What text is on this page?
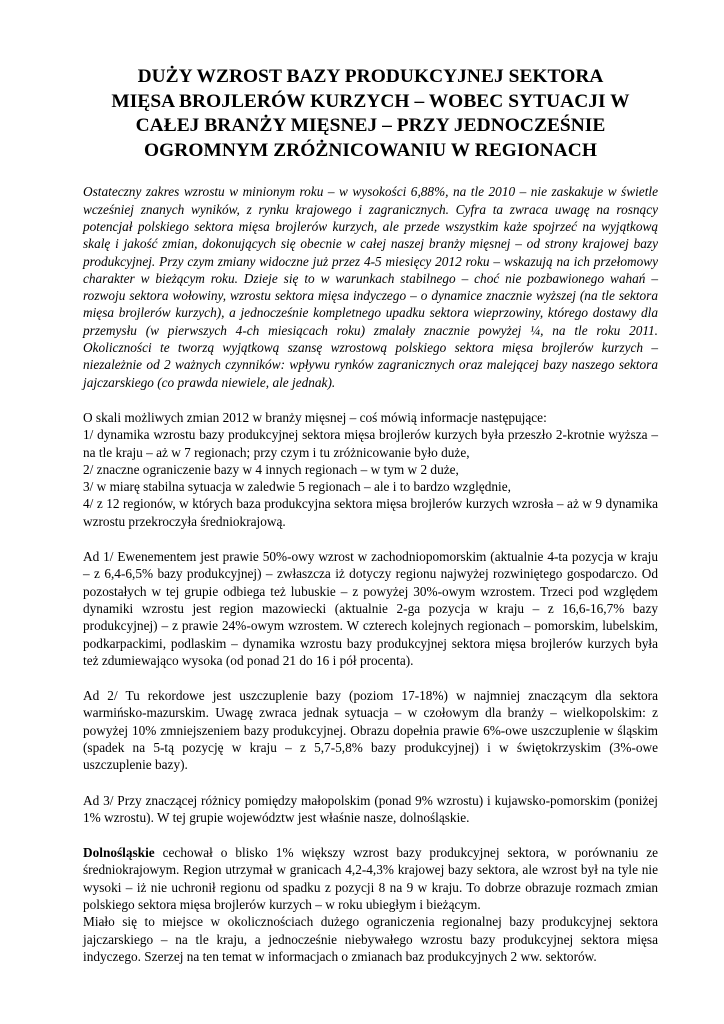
DUŻY WZROST BAZY PRODUKCYJNEJ SEKTORA
MIĘSA BROJLERÓW KURZYCH – WOBEC SYTUACJI W
CAŁEJ BRANŻY MIĘSNEJ – PRZY JEDNOCZEŚNIE
OGROMNYM ZRÓŻNICOWANIU W REGIONACH

Ostateczny zakres wzrostu w minionym roku – w wysokości 6,88%, na tle 2010 – nie zaskakuje w świetle wcześniej znanych wyników, z rynku krajowego i zagranicznych. Cyfra ta zwraca uwagę na rosnący potencjał polskiego sektora mięsa brojlerów kurzych, ale przede wszystkim każe spojrzeć na wyjątkową skalę i jakość zmian, dokonujących się obecnie w całej naszej branży mięsnej – od strony krajowej bazy produkcyjnej. Przy czym zmiany widoczne już przez 4-5 miesięcy 2012 roku – wskazują na ich przełomowy charakter w bieżącym roku. Dzieje się to w warunkach stabilnego – choć nie pozbawionego wahań – rozwoju sektora wołowiny, wzrostu sektora mięsa indyczego – o dynamice znacznie wyższej (na tle sektora mięsa brojlerów kurzych), a jednocześnie kompletnego upadku sektora wieprzowiny, którego dostawy dla przemysłu (w pierwszych 4-ch miesiącach roku) zmalały znacznie powyżej ¼, na tle roku 2011. Okoliczności te tworzą wyjątkową szansę wzrostową polskiego sektora mięsa brojlerów kurzych – niezależnie od 2 ważnych czynników: wpływu rynków zagranicznych oraz malejącej bazy naszego sektora jajczarskiego (co prawda niewiele, ale jednak).

O skali możliwych zmian 2012 w branży mięsnej – coś mówią informacje następujące:

1/ dynamika wzrostu bazy produkcyjnej sektora mięsa brojlerów kurzych była przeszło 2-krotnie wyższa – na tle kraju – aż w 7 regionach; przy czym i tu zróżnicowanie było duże,

2/ znaczne ograniczenie bazy w 4 innych regionach – w tym w 2 duże,

3/ w miarę stabilna sytuacja w zaledwie 5 regionach – ale i to bardzo względnie,

4/ z 12 regionów, w których baza produkcyjna sektora mięsa brojlerów kurzych wzrosła – aż w 9 dynamika wzrostu przekroczyła średniokrajową.

Ad 1/ Ewenementem jest prawie 50%-owy wzrost w zachodniopomorskim (aktualnie 4-ta pozycja w kraju – z 6,4-6,5% bazy produkcyjnej) – zwłaszcza iż dotyczy regionu najwyżej rozwiniętego gospodarczo. Od pozostałych w tej grupie odbiega też lubuskie – z powyżej 30%-owym wzrostem. Trzeci pod względem dynamiki wzrostu jest region mazowiecki (aktualnie 2-ga pozycja w kraju – z 16,6-16,7% bazy produkcyjnej) – z prawie 24%-owym wzrostem. W czterech kolejnych regionach – pomorskim, lubelskim, podkarpackimi, podlaskim – dynamika wzrostu bazy produkcyjnej sektora mięsa brojlerów kurzych była też zdumiewająco wysoka (od ponad 21 do 16 i pół procenta).

Ad 2/ Tu rekordowe jest uszczuplenie bazy (poziom 17-18%) w najmniej znaczącym dla sektora warmińsko-mazurskim. Uwagę zwraca jednak sytuacja – w czołowym dla branży – wielkopolskim: z powyżej 10% zmniejszeniem bazy produkcyjnej. Obrazu dopełnia prawie 6%-owe uszczuplenie w śląskim (spadek na 5-tą pozycję w kraju – z 5,7-5,8% bazy produkcyjnej) i w świętokrzyskim (3%-owe uszczuplenie bazy).

Ad 3/ Przy znaczącej różnicy pomiędzy małopolskim (ponad 9% wzrostu) i kujawsko-pomorskim (poniżej 1% wzrostu). W tej grupie województw jest właśnie nasze, dolnośląskie.

Dolnośląskie cechował o blisko 1% większy wzrost bazy produkcyjnej sektora, w porównaniu ze średniokrajowym. Region utrzymał w granicach 4,2-4,3% krajowej bazy sektora, ale wzrost był na tyle nie wysoki – iż nie uchronił regionu od spadku z pozycji 8 na 9 w kraju. To dobrze obrazuje rozmach zmian polskiego sektora mięsa brojlerów kurzych – w roku ubiegłym i bieżącym.

Miało się to miejsce w okolicznościach dużego ograniczenia regionalnej bazy produkcyjnej sektora jajczarskiego – na tle kraju, a jednocześnie niebywałego wzrostu bazy produkcyjnej sektora mięsa indyczego. Szerzej na ten temat w informacjach o zmianach baz produkcyjnych 2 ww. sektorów.
